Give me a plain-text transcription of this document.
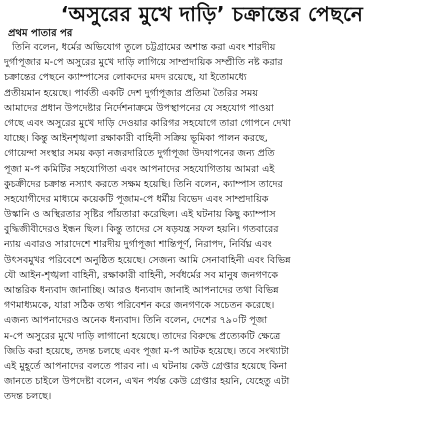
‘অসুরের মুখে দাড়ি’ চক্রান্তের পেছনে
প্রথম পাতার পর
তিনি বলেন, ধর্মের অভিযোগ তুলে চট্টগ্রামের অশান্ত করা এবং শারদীয়
দুর্গাপূজার ম-পে অসুরের মুখে দাড়ি লাগিয়ে সাম্প্রদায়িক সম্প্রীতি নষ্ট করার
চক্রান্তের পেছনে ক্যাম্পাসের লোকদের মদদ রয়েছে, যা ইতোমধ্যে
প্রতীয়মান হয়েছে। পার্বতী একটি দেশ দুর্গাপূজার প্রতিমা তৈরির সময়
আমাদের প্রধান উপদেষ্টার নির্দেশনাক্রমে উপস্থাপনের যে সহযোগ পাওয়া
গেছে এবং অসুরের মুখে দাড়ি দেওয়ার কারিগর সহযোগে তারা গোপনে দেখা
যাচ্ছে। কিন্তু আইনশৃঙ্খলা রক্ষাকারী বাহিনী সক্রিয় ভূমিকা পালন করছে,
গোয়েন্দা সংস্থার সময় কড়া নজরদারিতে দুর্গাপূজা উদযাপনের জন্য প্রতি
পূজা ম-প কমিটির সহযোগিতা এবং আপনাদের সহযোগিতায় আমরা এই
কুচক্রীদের চক্রান্ত নস্যাৎ করতে সক্ষম হয়েছি। তিনি বলেন, ক্যাম্পাস তাদের
সহযোগীদের মাধ্যমে কয়েকটি পূজাম-পে ধর্মীয় বিভেদ এবং সাম্প্রদায়িক
উস্কানি ও অস্থিরতার সৃষ্টির পাঁয়তারা করেছিল। এই ঘটনায় কিছু ক্যাম্পাস
বুদ্ধিজীবীদেরও ইন্ধন ছিল। কিন্তু তাদের সে ষড়যন্ত্র সফল হয়নি। গতবারের
ন্যায় এবারও সারাদেশে শারদীয় দুর্গাপূজা শান্তিপূর্ণ, নিরাপদ, নির্বিঘ্ন এবং
উৎসবমুখর পরিবেশে অনুষ্ঠিত হয়েছে। সেজন্য আমি সেনাবাহিনী এবং বিভিন্ন
যৌ আইন-শৃঙ্খলা বাহিনী, রক্ষাকারী বাহিনী, সর্বধর্মের সব মানুষ জনগণকে
আন্তরিক ধন্যবাদ জানাচ্ছি। আরও ধন্যবাদ জানাই আপনাদের তথা বিভিন্ন
গণমাধ্যমকে, যারা সঠিক তথ্য পরিবেশন করে জনগণকে সচেতন করেছে।
এজন্য আপনাদেরও অনেক ধন্যবাদ। তিনি বলেন, দেশের ৭৯০টি পূজা
ম-পে অসুরের মুখে দাড়ি লাগানো হয়েছে। তাদের বিরুদ্ধে প্রত্যেকটি ক্ষেত্রে
জিডি করা হয়েছে, তদন্ত চলছে এবং পূজা ম-প আটক হয়েছে। তবে সংখ্যাটা
এই মুহূর্তে আপনাদের বলতে পারব না। এ ঘটনায় কেউ গ্রেপ্তার হয়েছে কিনা
জানতে চাইলে উপদেষ্টা বলেন, এখন পর্যন্ত কেউ গ্রেপ্তার হয়নি, যেহেতু এটা
তদন্ত চলছে।
